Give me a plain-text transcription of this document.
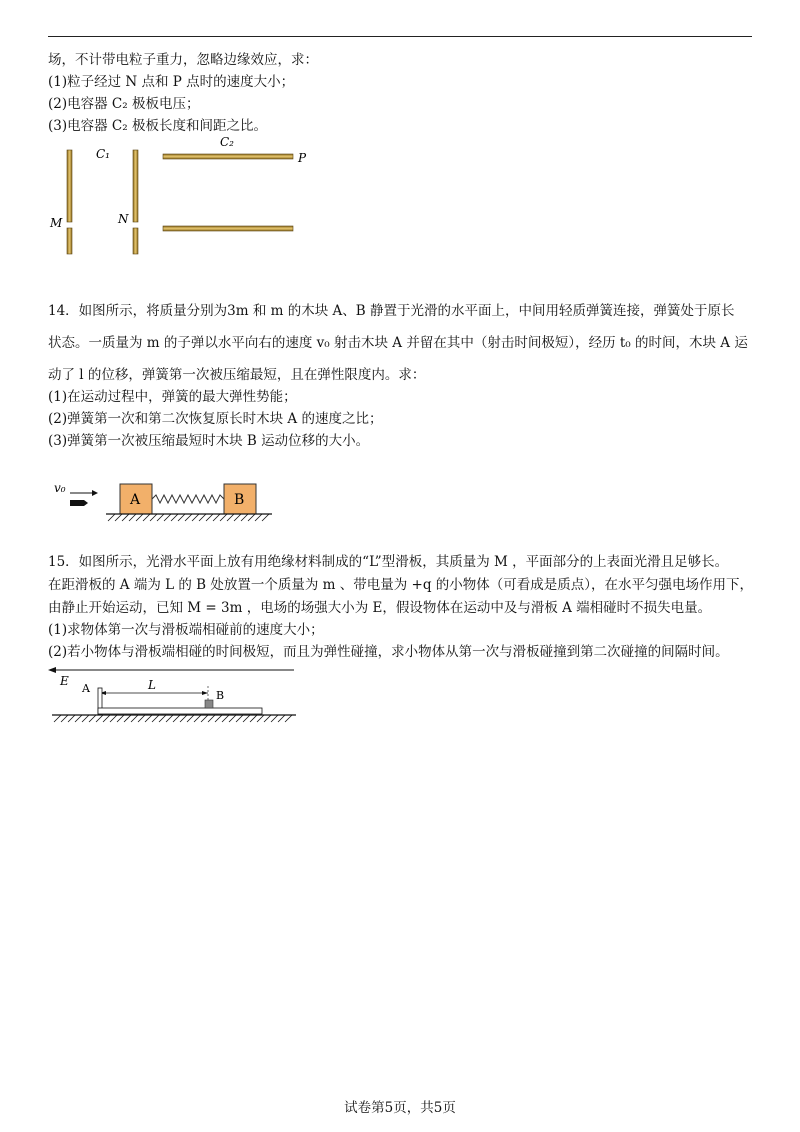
场，不计带电粒子重力，忽略边缘效应，求：
(1)粒子经过 N 点和 P 点时的速度大小；
(2)电容器 C₂ 极板电压；
(3)电容器 C₂ 极板长度和间距之比。
C₁
C₂
P
M	N
14．如图所示，将质量分别为3m 和 m 的木块 A、B 静置于光滑的水平面上，中间用轻质弹簧连接，弹簧处于原长
状态。一质量为 m 的子弹以水平向右的速度 v₀ 射击木块 A 并留在其中（射击时间极短），经历 t₀ 的时间，木块 A 运
动了 l 的位移，弹簧第一次被压缩最短，且在弹性限度内。求：
(1)在运动过程中，弹簧的最大弹性势能；
(2)弹簧第一次和第二次恢复原长时木块 A 的速度之比；
(3)弹簧第一次被压缩最短时木块 B 运动位移的大小。
v₀
A	B
15．如图所示，光滑水平面上放有用绝缘材料制成的“L”型滑板，其质量为 M ，平面部分的上表面光滑且足够长。
在距滑板的 A 端为 L 的 B 处放置一个质量为 m 、带电量为 +q 的小物体（可看成是质点），在水平匀强电场作用下，
由静止开始运动，已知 M = 3m ，电场的场强大小为 E，假设物体在运动中及与滑板 A 端相碰时不损失电量。
(1)求物体第一次与滑板端相碰前的速度大小；
(2)若小物体与滑板端相碰的时间极短，而且为弹性碰撞，求小物体从第一次与滑板碰撞到第二次碰撞的间隔时间。
E
A	L
B
试卷第5页，共5页
